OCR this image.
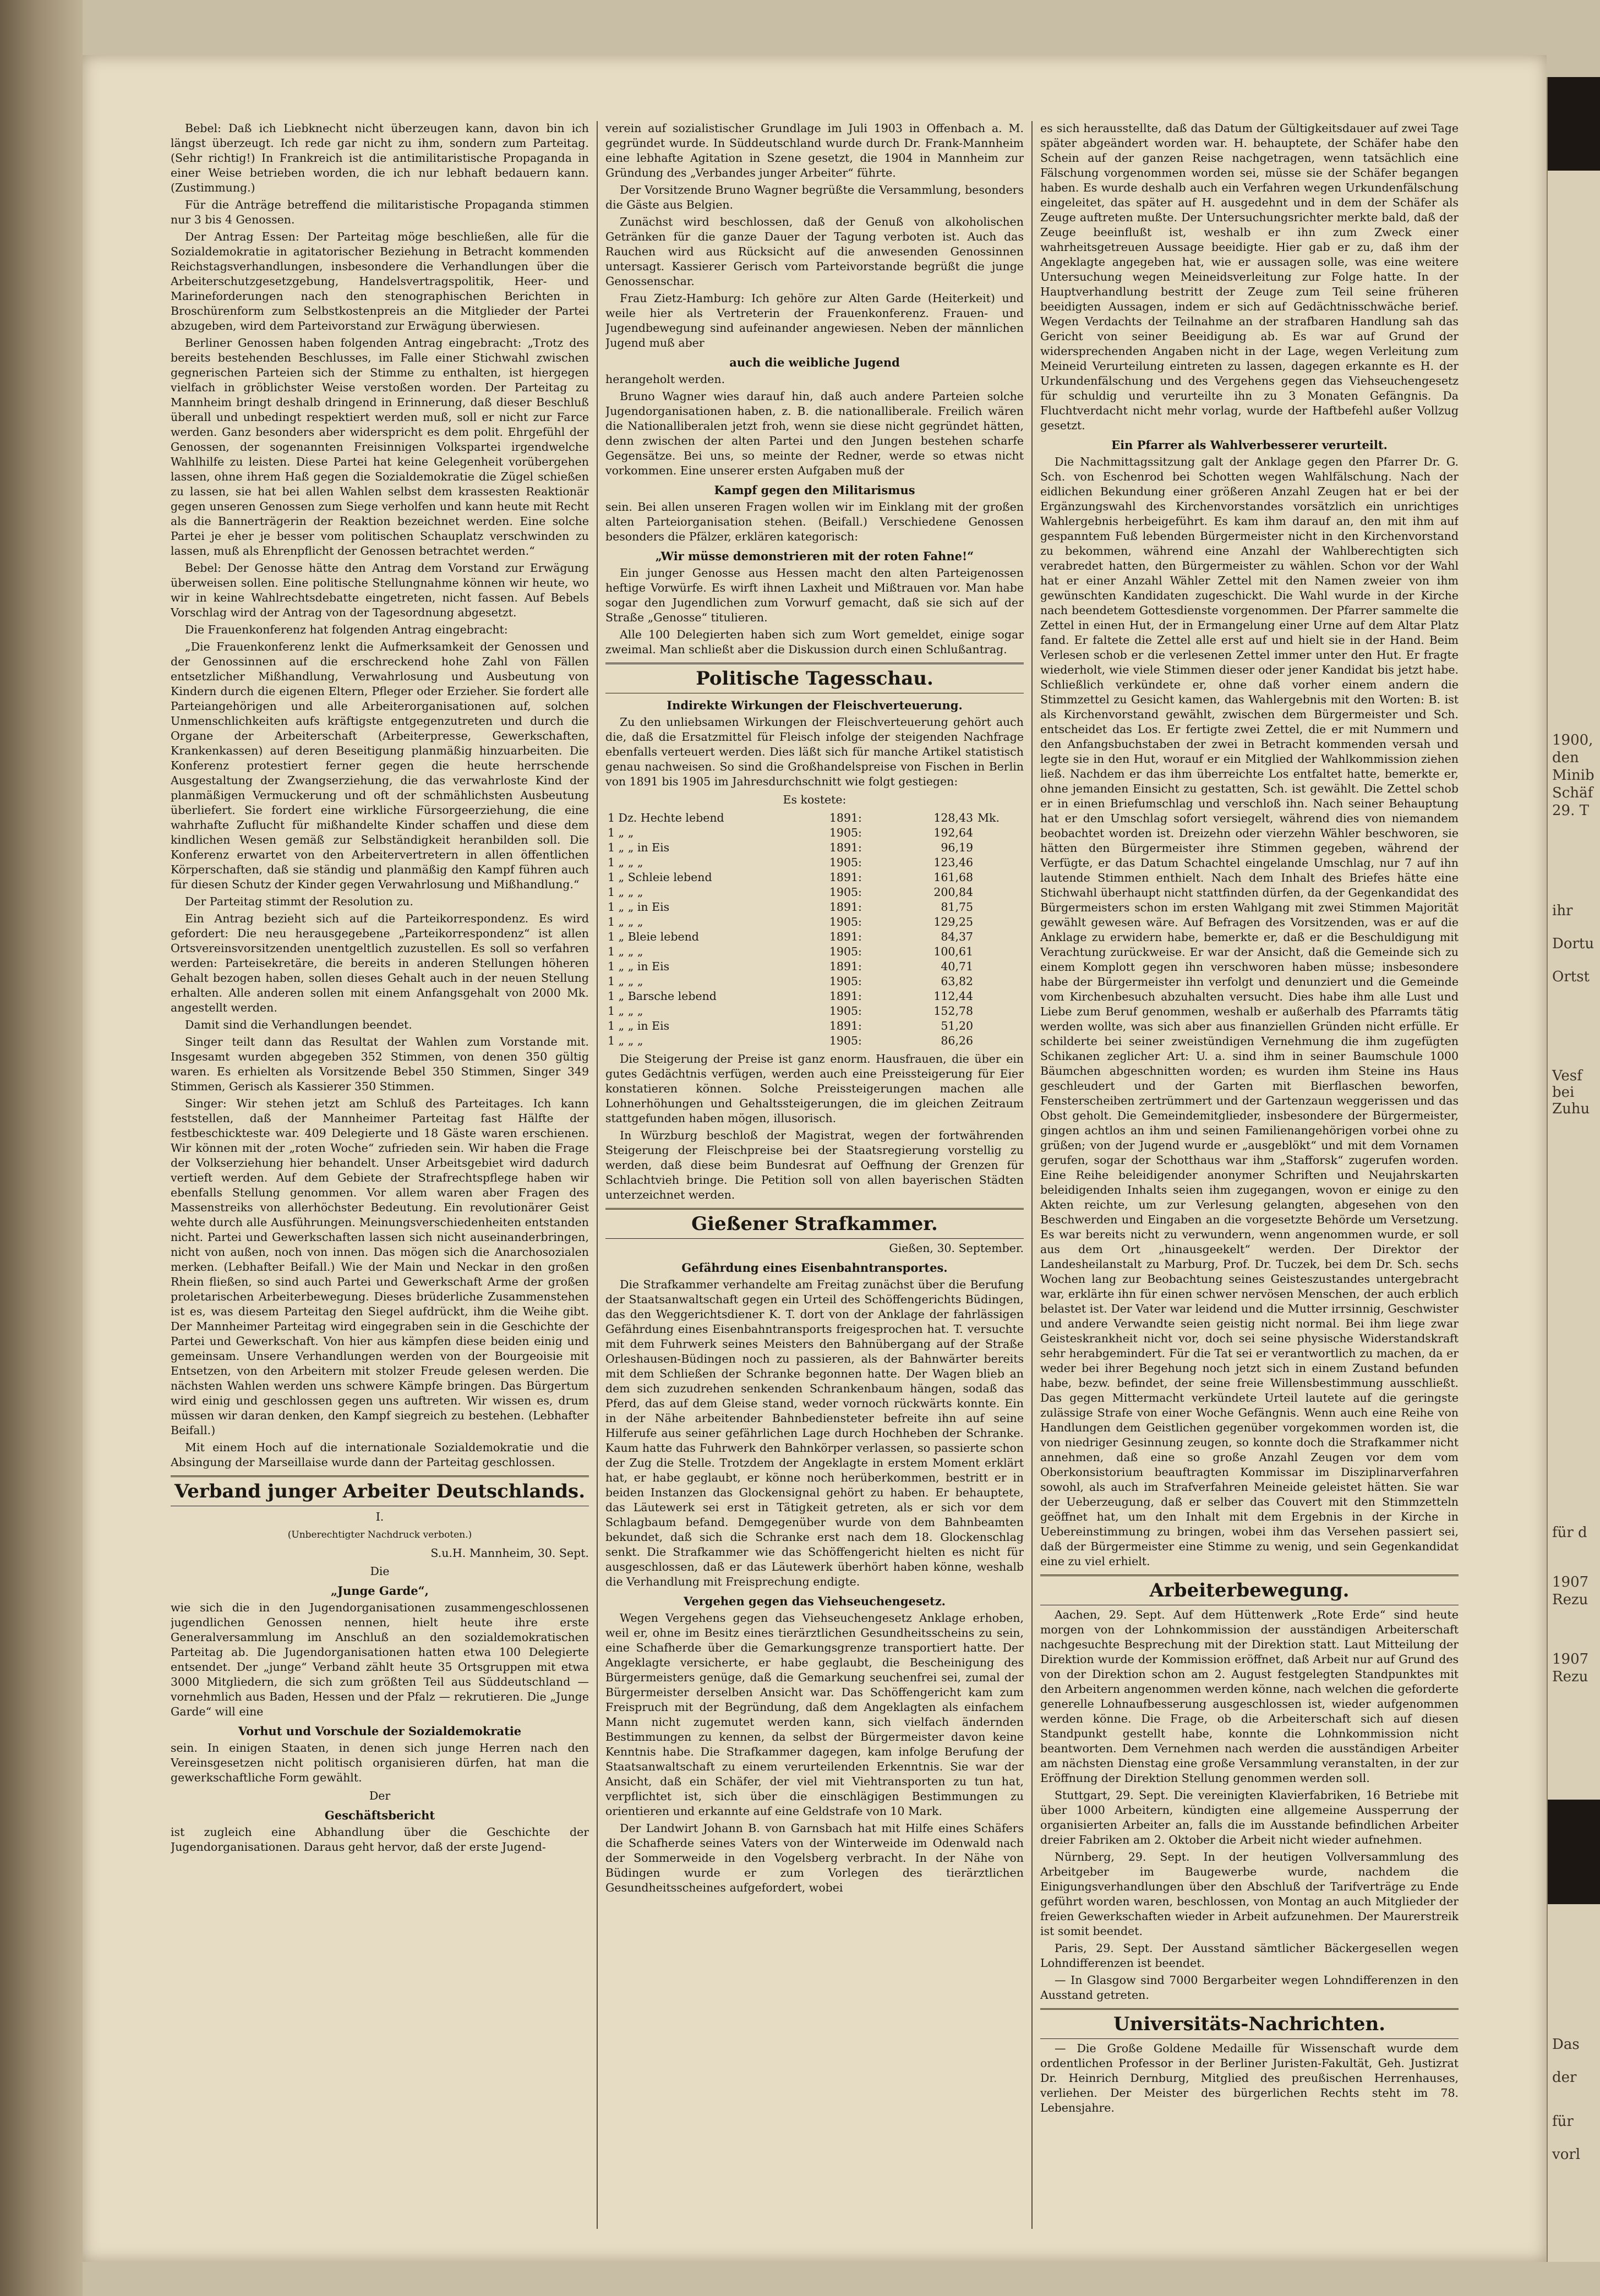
1900,
den
Minib
Schäf
29. T
ihr
Dortu
Ortst
Vesf
bei
Zuhu
für d
1907
Rezu
1907
Rezu
Das
der
für
vorl

Bebel: Daß ich Liebknecht nicht überzeugen kann, davon bin ich längst überzeugt. Ich rede gar nicht zu ihm, sondern zum Parteitag. (Sehr richtig!) In Frankreich ist die antimilitaristische Propaganda in einer Weise betrieben worden, die ich nur lebhaft bedauern kann. (Zustimmung.)

Für die Anträge betreffend die militaristische Propaganda stimmen nur 3 bis 4 Genossen.

Der Antrag Essen: Der Parteitag möge beschließen, alle für die Sozialdemokratie in agitatorischer Beziehung in Betracht kommenden Reichstagsverhandlungen, insbesondere die Verhandlungen über die Arbeiterschutzgesetzgebung, Handelsvertragspolitik, Heer- und Marineforderungen nach den stenographischen Berichten in Broschürenform zum Selbstkostenpreis an die Mitglieder der Partei abzugeben, wird dem Parteivorstand zur Erwägung überwiesen.

Berliner Genossen haben folgenden Antrag eingebracht: „Trotz des bereits bestehenden Beschlusses, im Falle einer Stichwahl zwischen gegnerischen Parteien sich der Stimme zu enthalten, ist hiergegen vielfach in gröblichster Weise verstoßen worden. Der Parteitag zu Mannheim bringt deshalb dringend in Erinnerung, daß dieser Beschluß überall und unbedingt respektiert werden muß, soll er nicht zur Farce werden. Ganz besonders aber widerspricht es dem polit. Ehrgefühl der Genossen, der sogenannten Freisinnigen Volkspartei irgendwelche Wahlhilfe zu leisten. Diese Partei hat keine Gelegenheit vorübergehen lassen, ohne ihrem Haß gegen die Sozialdemokratie die Zügel schießen zu lassen, sie hat bei allen Wahlen selbst dem krassesten Reaktionär gegen unseren Genossen zum Siege verholfen und kann heute mit Recht als die Bannerträgerin der Reaktion bezeichnet werden. Eine solche Partei je eher je besser vom politischen Schauplatz verschwinden zu lassen, muß als Ehrenpflicht der Genossen betrachtet werden.“

Bebel: Der Genosse hätte den Antrag dem Vorstand zur Erwägung überweisen sollen. Eine politische Stellungnahme können wir heute, wo wir in keine Wahlrechtsdebatte eingetreten, nicht fassen. Auf Bebels Vorschlag wird der Antrag von der Tagesordnung abgesetzt.

Die Frauenkonferenz hat folgenden Antrag eingebracht:

„Die Frauenkonferenz lenkt die Aufmerksamkeit der Genossen und der Genossinnen auf die erschreckend hohe Zahl von Fällen entsetzlicher Mißhandlung, Verwahrlosung und Ausbeutung von Kindern durch die eigenen Eltern, Pfleger oder Erzieher. Sie fordert alle Parteiangehörigen und alle Arbeiterorganisationen auf, solchen Unmenschlichkeiten aufs kräftigste entgegenzutreten und durch die Organe der Arbeiterschaft (Arbeiterpresse, Gewerkschaften, Krankenkassen) auf deren Beseitigung planmäßig hinzuarbeiten. Die Konferenz protestiert ferner gegen die heute herrschende Ausgestaltung der Zwangserziehung, die das verwahrloste Kind der planmäßigen Vermuckerung und oft der schmählichsten Ausbeutung überliefert. Sie fordert eine wirkliche Fürsorgeerziehung, die eine wahrhafte Zuflucht für mißhandelte Kinder schaffen und diese dem kindlichen Wesen gemäß zur Selbständigkeit heranbilden soll. Die Konferenz erwartet von den Arbeitervertretern in allen öffentlichen Körperschaften, daß sie ständig und planmäßig den Kampf führen auch für diesen Schutz der Kinder gegen Verwahrlosung und Mißhandlung.“

Der Parteitag stimmt der Resolution zu.

Ein Antrag bezieht sich auf die Parteikorrespondenz. Es wird gefordert: Die neu herausgegebene „Parteikorrespondenz“ ist allen Ortsvereinsvorsitzenden unentgeltlich zuzustellen. Es soll so verfahren werden: Parteisekretäre, die bereits in anderen Stellungen höheren Gehalt bezogen haben, sollen dieses Gehalt auch in der neuen Stellung erhalten. Alle anderen sollen mit einem Anfangsgehalt von 2000 Mk. angestellt werden.

Damit sind die Verhandlungen beendet.

Singer teilt dann das Resultat der Wahlen zum Vorstande mit. Insgesamt wurden abgegeben 352 Stimmen, von denen 350 gültig waren. Es erhielten als Vorsitzende Bebel 350 Stimmen, Singer 349 Stimmen, Gerisch als Kassierer 350 Stimmen.

Singer: Wir stehen jetzt am Schluß des Parteitages. Ich kann feststellen, daß der Mannheimer Parteitag fast Hälfte der festbeschickteste war. 409 Delegierte und 18 Gäste waren erschienen. Wir können mit der „roten Woche“ zufrieden sein. Wir haben die Frage der Volkserziehung hier behandelt. Unser Arbeitsgebiet wird dadurch vertieft werden. Auf dem Gebiete der Strafrechtspflege haben wir ebenfalls Stellung genommen. Vor allem waren aber Fragen des Massenstreiks von allerhöchster Bedeutung. Ein revolutionärer Geist wehte durch alle Ausführungen. Meinungsverschiedenheiten entstanden nicht. Partei und Gewerkschaften lassen sich nicht auseinanderbringen, nicht von außen, noch von innen. Das mögen sich die Anarchosozialen merken. (Lebhafter Beifall.) Wie der Main und Neckar in den großen Rhein fließen, so sind auch Partei und Gewerkschaft Arme der großen proletarischen Arbeiterbewegung. Dieses brüderliche Zusammenstehen ist es, was diesem Parteitag den Siegel aufdrückt, ihm die Weihe gibt. Der Mannheimer Parteitag wird eingegraben sein in die Geschichte der Partei und Gewerkschaft. Von hier aus kämpfen diese beiden einig und gemeinsam. Unsere Verhandlungen werden von der Bourgeoisie mit Entsetzen, von den Arbeitern mit stolzer Freude gelesen werden. Die nächsten Wahlen werden uns schwere Kämpfe bringen. Das Bürgertum wird einig und geschlossen gegen uns auftreten. Wir wissen es, drum müssen wir daran denken, den Kampf siegreich zu bestehen. (Lebhafter Beifall.)

Mit einem Hoch auf die internationale Sozialdemokratie und die Absingung der Marseillaise wurde dann der Parteitag geschlossen.

Verband junger Arbeiter Deutschlands.
I.
(Unberechtigter Nachdruck verboten.)
S.u.H. Mannheim, 30. Sept.
Die
„Junge Garde“,

wie sich die in den Jugendorganisationen zusammengeschlossenen jugendlichen Genossen nennen, hielt heute ihre erste Generalversammlung im Anschluß an den sozialdemokratischen Parteitag ab. Die Jugendorganisationen hatten etwa 100 Delegierte entsendet. Der „junge“ Verband zählt heute 35 Ortsgruppen mit etwa 3000 Mitgliedern, die sich zum größten Teil aus Süddeutschland — vornehmlich aus Baden, Hessen und der Pfalz — rekrutieren. Die „Junge Garde“ will eine

Vorhut und Vorschule der Sozialdemokratie

sein. In einigen Staaten, in denen sich junge Herren nach den Vereinsgesetzen nicht politisch organisieren dürfen, hat man die gewerkschaftliche Form gewählt.

Der
Geschäftsbericht

ist zugleich eine Abhandlung über die Geschichte der Jugendorganisationen. Daraus geht hervor, daß der erste Jugend-

verein auf sozialistischer Grundlage im Juli 1903 in Offenbach a. M. gegründet wurde. In Süddeutschland wurde durch Dr. Frank-Mannheim eine lebhafte Agitation in Szene gesetzt, die 1904 in Mannheim zur Gründung des „Verbandes junger Arbeiter“ führte.

Der Vorsitzende Bruno Wagner begrüßte die Versammlung, besonders die Gäste aus Belgien.

Zunächst wird beschlossen, daß der Genuß von alkoholischen Getränken für die ganze Dauer der Tagung verboten ist. Auch das Rauchen wird aus Rücksicht auf die anwesenden Genossinnen untersagt. Kassierer Gerisch vom Parteivorstande begrüßt die junge Genossenschar.

Frau Zietz-Hamburg: Ich gehöre zur Alten Garde (Heiterkeit) und weile hier als Vertreterin der Frauenkonferenz. Frauen- und Jugendbewegung sind aufeinander angewiesen. Neben der männlichen Jugend muß aber

auch die weibliche Jugend

herangeholt werden.

Bruno Wagner wies darauf hin, daß auch andere Parteien solche Jugendorganisationen haben, z. B. die nationalliberale. Freilich wären die Nationalliberalen jetzt froh, wenn sie diese nicht gegründet hätten, denn zwischen der alten Partei und den Jungen bestehen scharfe Gegensätze. Bei uns, so meinte der Redner, werde so etwas nicht vorkommen. Eine unserer ersten Aufgaben muß der

Kampf gegen den Militarismus

sein. Bei allen unseren Fragen wollen wir im Einklang mit der großen alten Parteiorganisation stehen. (Beifall.) Verschiedene Genossen besonders die Pfälzer, erklären kategorisch:

„Wir müsse demonstrieren mit der roten Fahne!“

Ein junger Genosse aus Hessen macht den alten Parteigenossen heftige Vorwürfe. Es wirft ihnen Laxheit und Mißtrauen vor. Man habe sogar den Jugendlichen zum Vorwurf gemacht, daß sie sich auf der Straße „Genosse“ titulieren.

Alle 100 Delegierten haben sich zum Wort gemeldet, einige sogar zweimal. Man schließt aber die Diskussion durch einen Schlußantrag.

Politische Tagesschau.
Indirekte Wirkungen der Fleischverteuerung.

Zu den unliebsamen Wirkungen der Fleischverteuerung gehört auch die, daß die Ersatzmittel für Fleisch infolge der steigenden Nachfrage ebenfalls verteuert werden. Dies läßt sich für manche Artikel statistisch genau nachweisen. So sind die Großhandelspreise von Fischen in Berlin von 1891 bis 1905 im Jahresdurchschnitt wie folgt gestiegen:

Es kostete:
1 Dz. Hechte lebend	1891:	128,43	Mk.
1 „ „	1905:	192,64	
1 „ „ in Eis	1891:	96,19	
1 „ „ „	1905:	123,46	
1 „ Schleie lebend	1891:	161,68	
1 „ „ „	1905:	200,84	
1 „ „ in Eis	1891:	81,75	
1 „ „ „	1905:	129,25	
1 „ Bleie lebend	1891:	84,37	
1 „ „ „	1905:	100,61	
1 „ „ in Eis	1891:	40,71	
1 „ „ „	1905:	63,82	
1 „ Barsche lebend	1891:	112,44	
1 „ „ „	1905:	152,78	
1 „ „ in Eis	1891:	51,20	
1 „ „ „	1905:	86,26	

Die Steigerung der Preise ist ganz enorm. Hausfrauen, die über ein gutes Gedächtnis verfügen, werden auch eine Preissteigerung für Eier konstatieren können. Solche Preissteigerungen machen alle Lohnerhöhungen und Gehaltssteigerungen, die im gleichen Zeitraum stattgefunden haben mögen, illusorisch.

In Würzburg beschloß der Magistrat, wegen der fortwährenden Steigerung der Fleischpreise bei der Staatsregierung vorstellig zu werden, daß diese beim Bundesrat auf Oeffnung der Grenzen für Schlachtvieh bringe. Die Petition soll von allen bayerischen Städten unterzeichnet werden.

Gießener Strafkammer.
Gießen, 30. September.
Gefährdung eines Eisenbahntransportes.

Die Strafkammer verhandelte am Freitag zunächst über die Berufung der Staatsanwaltschaft gegen ein Urteil des Schöffengerichts Büdingen, das den Weggerichtsdiener K. T. dort von der Anklage der fahrlässigen Gefährdung eines Eisenbahntransports freigesprochen hat. T. versuchte mit dem Fuhrwerk seines Meisters den Bahnübergang auf der Straße Orleshausen-Büdingen noch zu passieren, als der Bahnwärter bereits mit dem Schließen der Schranke begonnen hatte. Der Wagen blieb an dem sich zuzudrehen senkenden Schrankenbaum hängen, sodaß das Pferd, das auf dem Gleise stand, weder vornoch rückwärts konnte. Ein in der Nähe arbeitender Bahnbediensteter befreite ihn auf seine Hilferufe aus seiner gefährlichen Lage durch Hochheben der Schranke. Kaum hatte das Fuhrwerk den Bahnkörper verlassen, so passierte schon der Zug die Stelle. Trotzdem der Angeklagte in erstem Moment erklärt hat, er habe geglaubt, er könne noch herüberkommen, bestritt er in beiden Instanzen das Glockensignal gehört zu haben. Er behauptete, das Läutewerk sei erst in Tätigkeit getreten, als er sich vor dem Schlagbaum befand. Demgegenüber wurde von dem Bahnbeamten bekundet, daß sich die Schranke erst nach dem 18. Glockenschlag senkt. Die Strafkammer wie das Schöffengericht hielten es nicht für ausgeschlossen, daß er das Läutewerk überhört haben könne, weshalb die Verhandlung mit Freisprechung endigte.

Vergehen gegen das Viehseuchengesetz.

Wegen Vergehens gegen das Viehseuchengesetz Anklage erhoben, weil er, ohne im Besitz eines tierärztlichen Gesundheitsscheins zu sein, eine Schafherde über die Gemarkungsgrenze transportiert hatte. Der Angeklagte versicherte, er habe geglaubt, die Bescheinigung des Bürgermeisters genüge, daß die Gemarkung seuchenfrei sei, zumal der Bürgermeister derselben Ansicht war. Das Schöffengericht kam zum Freispruch mit der Begründung, daß dem Angeklagten als einfachem Mann nicht zugemutet werden kann, sich vielfach ändernden Bestimmungen zu kennen, da selbst der Bürgermeister davon keine Kenntnis habe. Die Strafkammer dagegen, kam infolge Berufung der Staatsanwaltschaft zu einem verurteilenden Erkenntnis. Sie war der Ansicht, daß ein Schäfer, der viel mit Viehtransporten zu tun hat, verpflichtet ist, sich über die einschlägigen Bestimmungen zu orientieren und erkannte auf eine Geldstrafe von 10 Mark.

Der Landwirt Johann B. von Garnsbach hat mit Hilfe eines Schäfers die Schafherde seines Vaters von der Winterweide im Odenwald nach der Sommerweide in den Vogelsberg verbracht. In der Nähe von Büdingen wurde er zum Vorlegen des tierärztlichen Gesundheitsscheines aufgefordert, wobei

es sich herausstellte, daß das Datum der Gültigkeitsdauer auf zwei Tage später abgeändert worden war. H. behauptete, der Schäfer habe den Schein auf der ganzen Reise nachgetragen, wenn tatsächlich eine Fälschung vorgenommen worden sei, müsse sie der Schäfer begangen haben. Es wurde deshalb auch ein Verfahren wegen Urkundenfälschung eingeleitet, das später auf H. ausgedehnt und in dem der Schäfer als Zeuge auftreten mußte. Der Untersuchungsrichter merkte bald, daß der Zeuge beeinflußt ist, weshalb er ihn zum Zweck einer wahrheitsgetreuen Aussage beeidigte. Hier gab er zu, daß ihm der Angeklagte angegeben hat, wie er aussagen solle, was eine weitere Untersuchung wegen Meineidsverleitung zur Folge hatte. In der Hauptverhandlung bestritt der Zeuge zum Teil seine früheren beeidigten Aussagen, indem er sich auf Gedächtnisschwäche berief. Wegen Verdachts der Teilnahme an der strafbaren Handlung sah das Gericht von seiner Beeidigung ab. Es war auf Grund der widersprechenden Angaben nicht in der Lage, wegen Verleitung zum Meineid Verurteilung eintreten zu lassen, dagegen erkannte es H. der Urkundenfälschung und des Vergehens gegen das Viehseuchengesetz für schuldig und verurteilte ihn zu 3 Monaten Gefängnis. Da Fluchtverdacht nicht mehr vorlag, wurde der Haftbefehl außer Vollzug gesetzt.

Ein Pfarrer als Wahlverbesserer verurteilt.

Die Nachmittagssitzung galt der Anklage gegen den Pfarrer Dr. G. Sch. von Eschenrod bei Schotten wegen Wahlfälschung. Nach der eidlichen Bekundung einer größeren Anzahl Zeugen hat er bei der Ergänzungswahl des Kirchenvorstandes vorsätzlich ein unrichtiges Wahlergebnis herbeigeführt. Es kam ihm darauf an, den mit ihm auf gespanntem Fuß lebenden Bürgermeister nicht in den Kirchenvorstand zu bekommen, während eine Anzahl der Wahlberechtigten sich verabredet hatten, den Bürgermeister zu wählen. Schon vor der Wahl hat er einer Anzahl Wähler Zettel mit den Namen zweier von ihm gewünschten Kandidaten zugeschickt. Die Wahl wurde in der Kirche nach beendetem Gottesdienste vorgenommen. Der Pfarrer sammelte die Zettel in einen Hut, der in Ermangelung einer Urne auf dem Altar Platz fand. Er faltete die Zettel alle erst auf und hielt sie in der Hand. Beim Verlesen schob er die verlesenen Zettel immer unter den Hut. Er fragte wiederholt, wie viele Stimmen dieser oder jener Kandidat bis jetzt habe. Schließlich verkündete er, ohne daß vorher einem andern die Stimmzettel zu Gesicht kamen, das Wahlergebnis mit den Worten: B. ist als Kirchenvorstand gewählt, zwischen dem Bürgermeister und Sch. entscheidet das Los. Er fertigte zwei Zettel, die er mit Nummern und den Anfangsbuchstaben der zwei in Betracht kommenden versah und legte sie in den Hut, worauf er ein Mitglied der Wahlkommission ziehen ließ. Nachdem er das ihm überreichte Los entfaltet hatte, bemerkte er, ohne jemanden Einsicht zu gestatten, Sch. ist gewählt. Die Zettel schob er in einen Briefumschlag und verschloß ihn. Nach seiner Behauptung hat er den Umschlag sofort versiegelt, während dies von niemandem beobachtet worden ist. Dreizehn oder vierzehn Wähler beschworen, sie hätten den Bürgermeister ihre Stimmen gegeben, während der Verfügte, er das Datum Schachtel eingelande Umschlag, nur 7 auf ihn lautende Stimmen enthielt. Nach dem Inhalt des Briefes hätte eine Stichwahl überhaupt nicht stattfinden dürfen, da der Gegenkandidat des Bürgermeisters schon im ersten Wahlgang mit zwei Stimmen Majorität gewählt gewesen wäre. Auf Befragen des Vorsitzenden, was er auf die Anklage zu erwidern habe, bemerkte er, daß er die Beschuldigung mit Verachtung zurückweise. Er war der Ansicht, daß die Gemeinde sich zu einem Komplott gegen ihn verschworen haben müsse; insbesondere habe der Bürgermeister ihn verfolgt und denunziert und die Gemeinde vom Kirchenbesuch abzuhalten versucht. Dies habe ihm alle Lust und Liebe zum Beruf genommen, weshalb er außerhalb des Pfarramts tätig werden wollte, was sich aber aus finanziellen Gründen nicht erfülle. Er schilderte bei seiner zweistündigen Vernehmung die ihm zugefügten Schikanen zeglicher Art: U. a. sind ihm in seiner Baumschule 1000 Bäumchen abgeschnitten worden; es wurden ihm Steine ins Haus geschleudert und der Garten mit Bierflaschen beworfen, Fensterscheiben zertrümmert und der Gartenzaun weggerissen und das Obst geholt. Die Gemeindemitglieder, insbesondere der Bürgermeister, gingen achtlos an ihm und seinen Familienangehörigen vorbei ohne zu grüßen; von der Jugend wurde er „ausgeblökt“ und mit dem Vornamen gerufen, sogar der Schotthaus war ihm „Stafforsk“ zugerufen worden. Eine Reihe beleidigender anonymer Schriften und Neujahrskarten beleidigenden Inhalts seien ihm zugegangen, wovon er einige zu den Akten reichte, um zur Verlesung gelangten, abgesehen von den Beschwerden und Eingaben an die vorgesetzte Behörde um Versetzung. Es war bereits nicht zu verwundern, wenn angenommen wurde, er soll aus dem Ort „hinausgeekelt“ werden. Der Direktor der Landesheilanstalt zu Marburg, Prof. Dr. Tuczek, bei dem Dr. Sch. sechs Wochen lang zur Beobachtung seines Geisteszustandes untergebracht war, erklärte ihn für einen schwer nervösen Menschen, der auch erblich belastet ist. Der Vater war leidend und die Mutter irrsinnig, Geschwister und andere Verwandte seien geistig nicht normal. Bei ihm liege zwar Geisteskrankheit nicht vor, doch sei seine physische Widerstandskraft sehr herabgemindert. Für die Tat sei er verantwortlich zu machen, da er weder bei ihrer Begehung noch jetzt sich in einem Zustand befunden habe, bezw. befindet, der seine freie Willensbestimmung ausschließt. Das gegen Mittermacht verkündete Urteil lautete auf die geringste zulässige Strafe von einer Woche Gefängnis. Wenn auch eine Reihe von Handlungen dem Geistlichen gegenüber vorgekommen worden ist, die von niedriger Gesinnung zeugen, so konnte doch die Strafkammer nicht annehmen, daß eine so große Anzahl Zeugen vor dem vom Oberkonsistorium beauftragten Kommissar im Disziplinarverfahren sowohl, als auch im Strafverfahren Meineide geleistet hätten. Sie war der Ueberzeugung, daß er selber das Couvert mit den Stimmzetteln geöffnet hat, um den Inhalt mit dem Ergebnis in der Kirche in Uebereinstimmung zu bringen, wobei ihm das Versehen passiert sei, daß der Bürgermeister eine Stimme zu wenig, und sein Gegenkandidat eine zu viel erhielt.

Arbeiterbewegung.

Aachen, 29. Sept. Auf dem Hüttenwerk „Rote Erde“ sind heute morgen von der Lohnkommission der ausständigen Arbeiterschaft nachgesuchte Besprechung mit der Direktion statt. Laut Mitteilung der Direktion wurde der Kommission eröffnet, daß Arbeit nur auf Grund des von der Direktion schon am 2. August festgelegten Standpunktes mit den Arbeitern angenommen werden könne, nach welchen die geforderte generelle Lohnaufbesserung ausgeschlossen ist, wieder aufgenommen werden könne. Die Frage, ob die Arbeiterschaft sich auf diesen Standpunkt gestellt habe, konnte die Lohnkommission nicht beantworten. Dem Vernehmen nach werden die ausständigen Arbeiter am nächsten Dienstag eine große Versammlung veranstalten, in der zur Eröffnung der Direktion Stellung genommen werden soll.

Stuttgart, 29. Sept. Die vereinigten Klavierfabriken, 16 Betriebe mit über 1000 Arbeitern, kündigten eine allgemeine Aussperrung der organisierten Arbeiter an, falls die im Ausstande befindlichen Arbeiter dreier Fabriken am 2. Oktober die Arbeit nicht wieder aufnehmen.

Nürnberg, 29. Sept. In der heutigen Vollversammlung des Arbeitgeber im Baugewerbe wurde, nachdem die Einigungsverhandlungen über den Abschluß der Tarifverträge zu Ende geführt worden waren, beschlossen, von Montag an auch Mitglieder der freien Gewerkschaften wieder in Arbeit aufzunehmen. Der Maurerstreik ist somit beendet.

Paris, 29. Sept. Der Ausstand sämtlicher Bäckergesellen wegen Lohndifferenzen ist beendet.

— In Glasgow sind 7000 Bergarbeiter wegen Lohndifferenzen in den Ausstand getreten.

Universitäts-Nachrichten.

— Die Große Goldene Medaille für Wissenschaft wurde dem ordentlichen Professor in der Berliner Juristen-Fakultät, Geh. Justizrat Dr. Heinrich Dernburg, Mitglied des preußischen Herrenhauses, verliehen. Der Meister des bürgerlichen Rechts steht im 78. Lebensjahre.
